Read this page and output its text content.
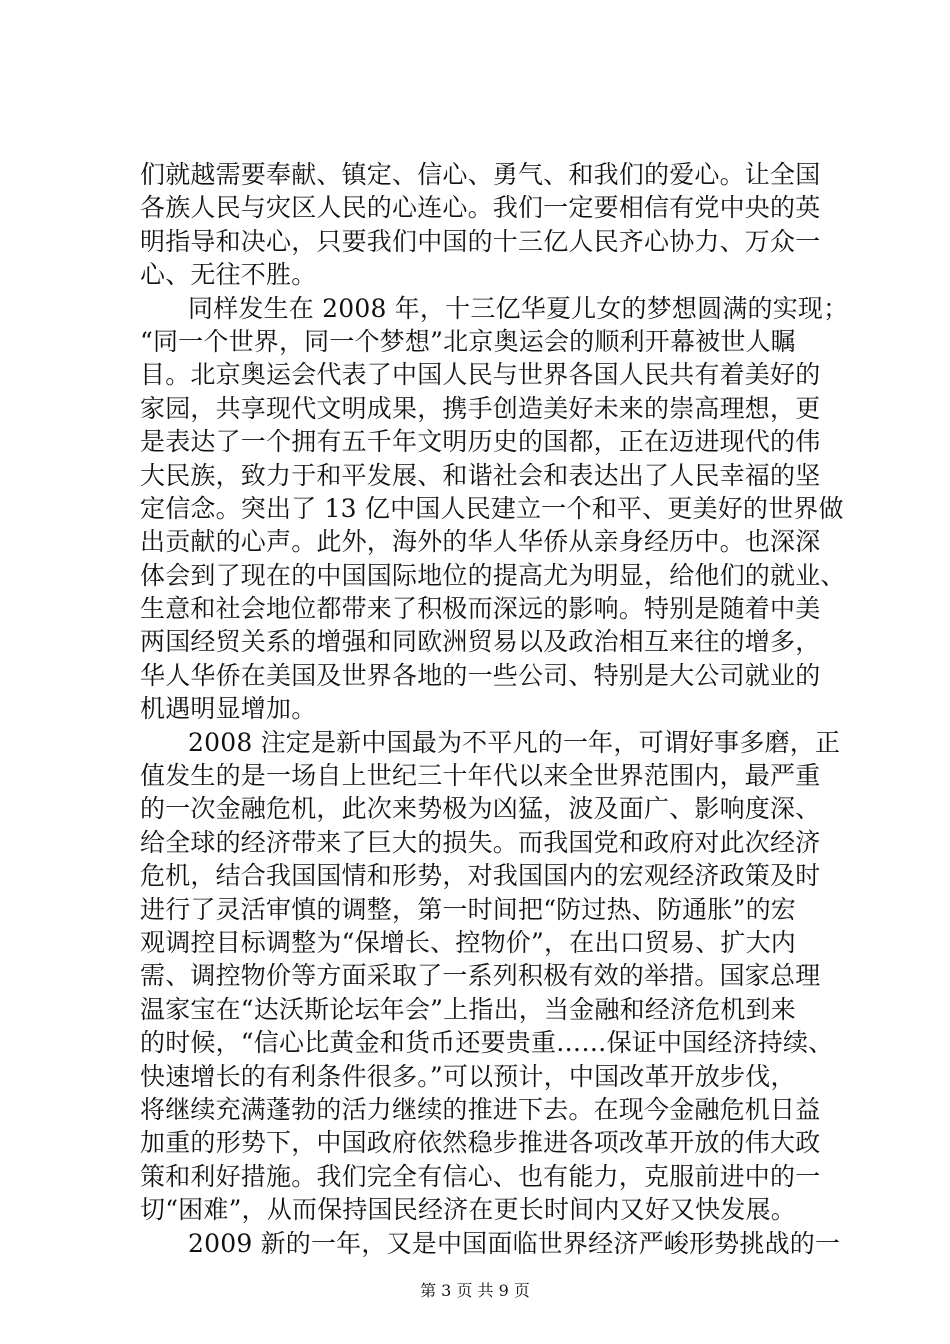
们就越需要奉献、镇定、信心、勇气、和我们的爱心。让全国
各族人民与灾区人民的心连心。我们一定要相信有党中央的英
明指导和决心，只要我们中国的十三亿人民齐心协力、万众一
心、无往不胜。
同样发生在 2008 年，十三亿华夏儿女的梦想圆满的实现；
“同一个世界，同一个梦想”北京奥运会的顺利开幕被世人瞩
目。北京奥运会代表了中国人民与世界各国人民共有着美好的
家园，共享现代文明成果，携手创造美好未来的崇高理想，更
是表达了一个拥有五千年文明历史的国都，正在迈进现代的伟
大民族，致力于和平发展、和谐社会和表达出了人民幸福的坚
定信念。突出了 13 亿中国人民建立一个和平、更美好的世界做
出贡献的心声。此外，海外的华人华侨从亲身经历中。也深深
体会到了现在的中国国际地位的提高尤为明显，给他们的就业、
生意和社会地位都带来了积极而深远的影响。特别是随着中美
两国经贸关系的增强和同欧洲贸易以及政治相互来往的增多，
华人华侨在美国及世界各地的一些公司、特别是大公司就业的
机遇明显增加。
2008 注定是新中国最为不平凡的一年，可谓好事多磨，正
值发生的是一场自上世纪三十年代以来全世界范围内，最严重
的一次金融危机，此次来势极为凶猛，波及面广、影响度深、
给全球的经济带来了巨大的损失。而我国党和政府对此次经济
危机，结合我国国情和形势，对我国国内的宏观经济政策及时
进行了灵活审慎的调整，第一时间把“防过热、防通胀”的宏
观调控目标调整为“保增长、控物价”，在出口贸易、扩大内
需、调控物价等方面采取了一系列积极有效的举措。国家总理
温家宝在“达沃斯论坛年会”上指出，当金融和经济危机到来
的时候，“信心比黄金和货币还要贵重……保证中国经济持续、
快速增长的有利条件很多。”可以预计，中国改革开放步伐，
将继续充满蓬勃的活力继续的推进下去。在现今金融危机日益
加重的形势下，中国政府依然稳步推进各项改革开放的伟大政
策和利好措施。我们完全有信心、也有能力，克服前进中的一
切“困难”，从而保持国民经济在更长时间内又好又快发展。
2009 新的一年，又是中国面临世界经济严峻形势挑战的一
第 3 页 共 9 页
